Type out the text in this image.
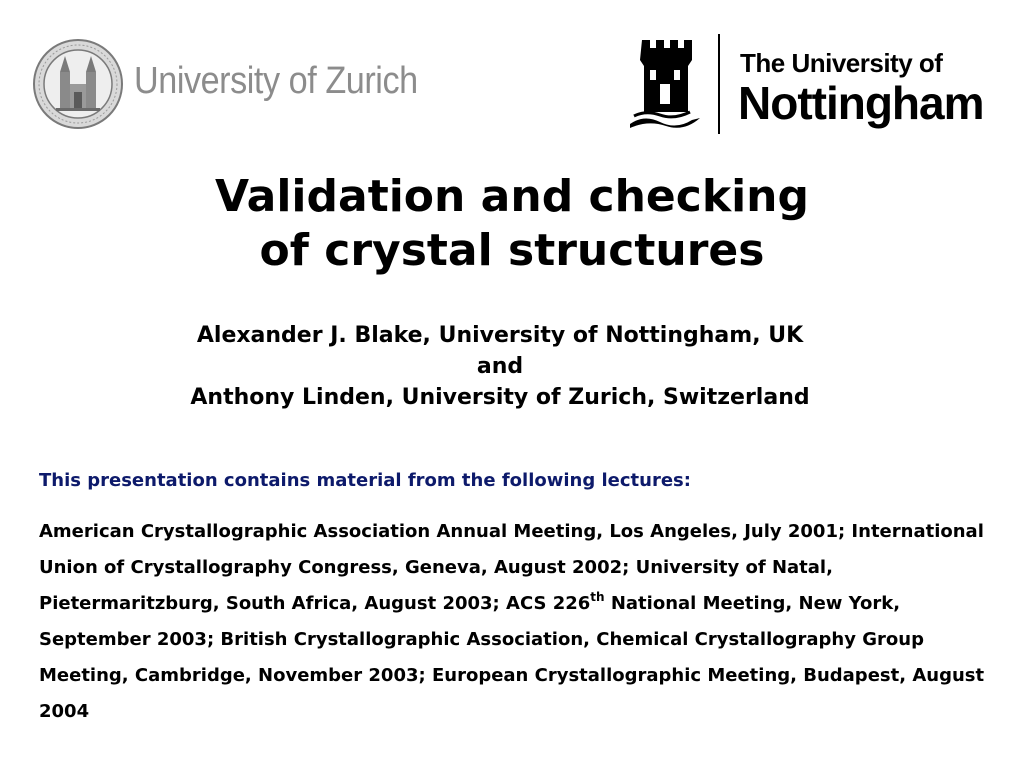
University of Zurich	The University of
Nottingham
Validation and checking
of crystal structures
Alexander J. Blake, University of Nottingham, UK
and
Anthony Linden, University of Zurich, Switzerland
This presentation contains material from the following lectures:
American Crystallographic Association Annual Meeting, Los Angeles, July 2001; International Union of Crystallography Congress, Geneva, August 2002; University of Natal, Pietermaritzburg, South Africa, August 2003; ACS 226th National Meeting, New York, September 2003; British Crystallographic Association, Chemical Crystallography Group Meeting, Cambridge, November 2003; European Crystallographic Meeting, Budapest, August 2004
